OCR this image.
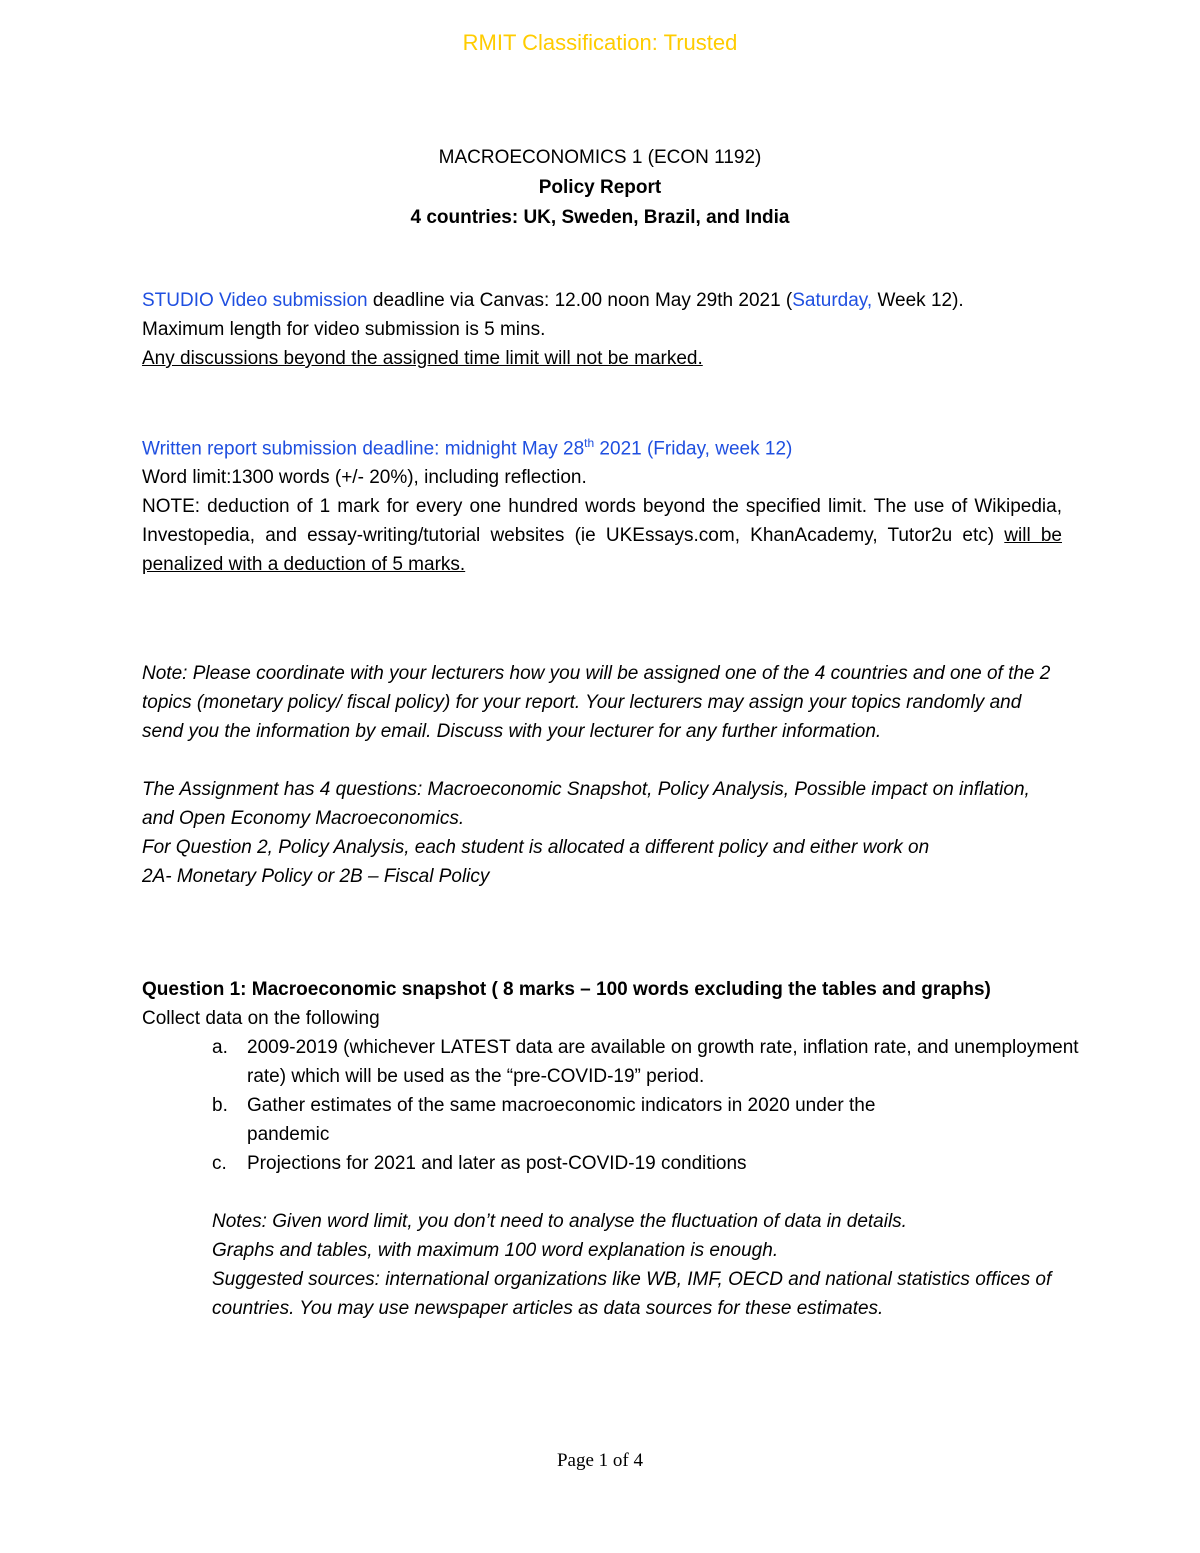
RMIT Classification: Trusted
MACROECONOMICS 1 (ECON 1192)
Policy Report
4 countries: UK, Sweden, Brazil, and India
STUDIO Video submission deadline via Canvas: 12.00 noon May 29th 2021 (Saturday, Week 12).
Maximum length for video submission is 5 mins.
Any discussions beyond the assigned time limit will not be marked.
Written report submission deadline: midnight May 28th 2021 (Friday, week 12)
Word limit:1300 words (+/- 20%), including reflection.
NOTE: deduction of 1 mark for every one hundred words beyond the specified limit. The use of Wikipedia, Investopedia, and essay-writing/tutorial websites (ie UKEssays.com, KhanAcademy, Tutor2u etc) will be penalized with a deduction of 5 marks.
Note: Please coordinate with your lecturers how you will be assigned one of the 4 countries and one of the 2 topics (monetary policy/ fiscal policy) for your report. Your lecturers may assign your topics randomly and send you the information by email. Discuss with your lecturer for any further information.
The Assignment has 4 questions: Macroeconomic Snapshot, Policy Analysis, Possible impact on inflation, and Open Economy Macroeconomics.
For Question 2, Policy Analysis, each student is allocated a different policy and either work on
2A- Monetary Policy or 2B – Fiscal Policy
Question 1: Macroeconomic snapshot ( 8 marks – 100 words excluding the tables and graphs)
Collect data on the following
a. 2009-2019 (whichever LATEST data are available on growth rate, inflation rate, and unemployment rate) which will be used as the “pre-COVID-19” period.
b. Gather estimates of the same macroeconomic indicators in 2020 under the pandemic
c. Projections for 2021 and later as post-COVID-19 conditions
Notes: Given word limit, you don’t need to analyse the fluctuation of data in details.
Graphs and tables, with maximum 100 word explanation is enough.
Suggested sources: international organizations like WB, IMF, OECD and national statistics offices of countries. You may use newspaper articles as data sources for these estimates.
Page 1 of 4
